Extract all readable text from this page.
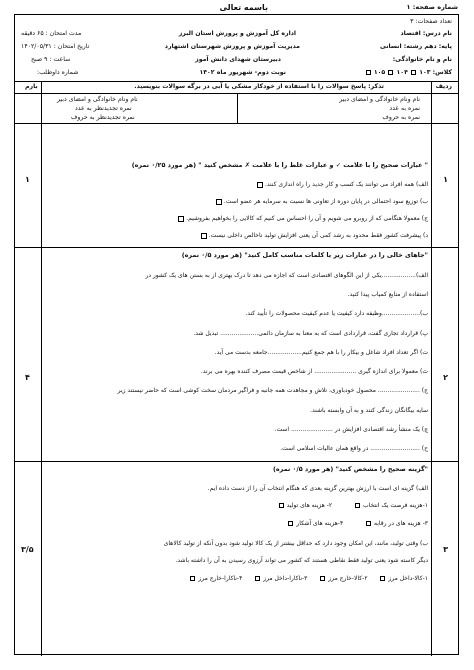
شماره صفحه: ۱
باسمه تعالی
تعداد صفحات: ۳
نام درس: اقتصاد
پایه: دهم رشته: انسانی
نام و نام خانوادگی:
کلاس: ۱۰۳  ۱۰۴  ۱۰۵
اداره کل آموزش و پرورش استان البرز
مدیریت آموزش و پرورش شهرستان اشتهارد
دبیرستان شهدای دانش آموز
نوبت دوم- شهریور ماه ۱۴۰۲
مدت امتحان : ۶۵ دقیقه
تاریخ امتحان : ۱۴۰۲/۰۵/۳۱
ساعت : ۹ صبح
شماره داوطلب:
ردیف
تذکر: پاسخ سوالات را با استفاده از خودکار مشکی یا آبی در برگه سوالات بنویسید.
بارم
نام ونام خانوادگی و امضای دبیر
نمره به عدد
نمره به حروف
نام ونام خانوادگی و امضای دبیر
نمره تجدیدنظر به عدد
نمره تجدیدنظر به حروف
۱
۱
" عبارات صحیح را با علامت ✓ و عبارات غلط را با علامت ✗ مشخص کنید " (هر مورد ۰/۲۵ نمره)
الف) همه افراد می توانند یک کسب و کار جدید را راه اندازی کنند.
ب) توزیع سود احتمالی در پایان دوره از تعاونی ها نسبت به سرمایه هر عضو است.
ج) معمولا هنگامی که از روبرو می شویم و آن را احساس می کنیم که کالایی را بخواهیم بفروشیم.
د) پیشرفت کشور فقط محدود به رشد کمی آن یعنی افزایش تولید ناخالص داخلی نیست.
۲
۴
"جاهای خالی را در عبارات زیر با کلمات مناسب کامل کنید" (هر مورد ۰/۵ نمره)
الف)..................یکی از این الگوهای اقتصادی است که اجازه می دهد تا درک بهتری از به بستن های یک کشور در
استفاده از منابع کمیاب پیدا کنید.
ب)....................وظیفه دارد کیفیت یا عدم کیفیت محصولات را تأیید کند.
پ) قرارداد تجاری گفت، قراردادی است که به معنا به سازمان دائمی.................... تبدیل شد.
ت) اگر تعداد افراد شاغل و بیکار را با هم جمع کنیم..................جامعه بدست می آید.
ث) معمولا برای اندازه گیری ...................... از شاخص قیمت مصرف کننده بهره می برند.
ج) ...................... محصول خودباوری، تلاش و مجاهدت همه جانبه و فراگیر مردمان سخت کوشی است که حاضر نیستند زیر
سایه بیگانگان زندگی کنند و به آن وابسته باشند.
چ) یک منشأ رشد اقتصادی افزایش در ...................... است.
ح) .......................... در واقع همان عالیات اسلامی است.
۳
۳/۵
"گزینه صحیح را مشخص کنید" (هر مورد ۰/۵ نمره)
الف) گزینه ای است با ارزش بهترین گزینه بعدی که هنگام انتخاب آن را از دست داده ایم.
۱-هزینه فرصت یک انتخاب  ۲- هزینه های تولید
۳- هزینه های در رقابه  ۴-هزینه های آشکار
ب) وقتی تولید، مانند، این امکان وجود دارد که حداقل بیشتر از یک کالا تولید شود بدون آنکه از تولید کالاهای
دیگر کاسته شود یعنی تولید فقط نقاطی هستند که کشور می تواند آرزوی رسیدن به آن را داشته باشد.
۱-کالا-داخل مرز  ۲-کالا-خارج مرز  ۳-ناکارا-داخل مرز  ۴-ناکارا-خارج مرز
